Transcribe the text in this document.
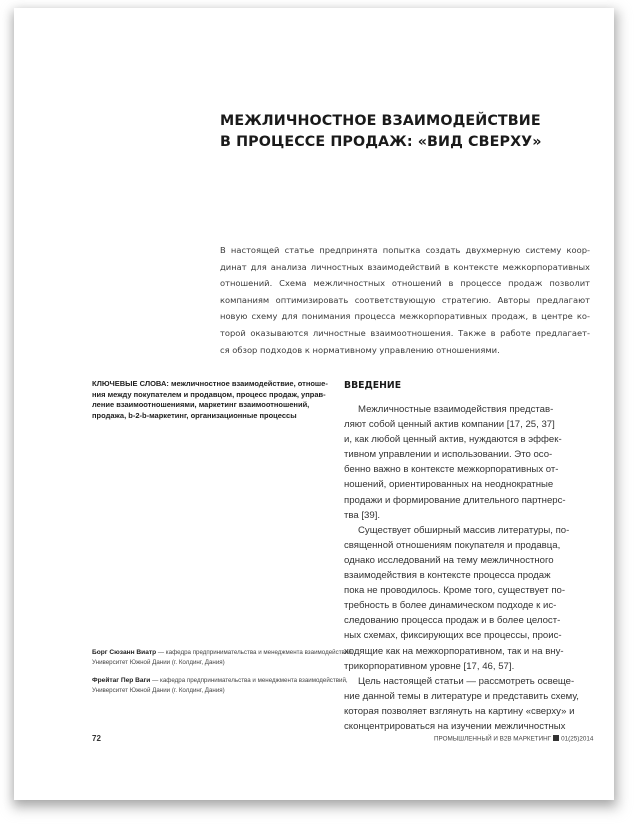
МЕЖЛИЧНОСТНОЕ ВЗАИМОДЕЙСТВИЕ
В ПРОЦЕССЕ ПРОДАЖ: «ВИД СВЕРХУ»

В настоящей статье предпринята попытка создать двухмерную систему коор-
динат для анализа личностных взаимодействий в контексте межкорпоративных
отношений. Схема межличностных отношений в процессе продаж позволит
компаниям оптимизировать соответствующую стратегию. Авторы предлагают
новую схему для понимания процесса межкорпоративных продаж, в центре ко-
торой оказываются личностные взаимоотношения. Также в работе предлагает-
ся обзор подходов к нормативному управлению отношениями.

КЛЮЧЕВЫЕ СЛОВА: межличностное взаимодействие, отноше-
ния между покупателем и продавцом, процесс продаж, управ-
ление взаимоотношениями, маркетинг взаимоотношений,
продажа, b-2-b-маркетинг, организационные процессы

ВВЕДЕНИЕ
Межличностные взаимодействия представ-
ляют собой ценный актив компании [17, 25, 37]
и, как любой ценный актив, нуждаются в эффек-
тивном управлении и использовании. Это осо-
бенно важно в контексте межкорпоративных от-
ношений, ориентированных на неоднократные
продажи и формирование длительного партнерс-
тва [39].
Существует обширный массив литературы, по-
священной отношениям покупателя и продавца,
однако исследований на тему межличностного
взаимодействия в контексте процесса продаж
пока не проводилось. Кроме того, существует по-
требность в более динамическом подходе к ис-
следованию процесса продаж и в более целост-
ных схемах, фиксирующих все процессы, проис-
ходящие как на межкорпоративном, так и на вну-
трикорпоративном уровне [17, 46, 57].
Цель настоящей статьи — рассмотреть освеще-
ние данной темы в литературе и представить схему,
которая позволяет взглянуть на картину «сверху» и
сконцентрироваться на изучении межличностных
Борг Сюзанн Виатр — кафедра предпринимательства и менеджмента взаимодействий,
Университет Южной Дании (г. Колдинг, Дания)
Фрейтаг Пер Ваги — кафедра предпринимательства и менеджмента взаимодействий,
Университет Южной Дании (г. Колдинг, Дания)
72	ПРОМЫШЛЕННЫЙ И В2В МАРКЕТИНГ 01(25)2014
